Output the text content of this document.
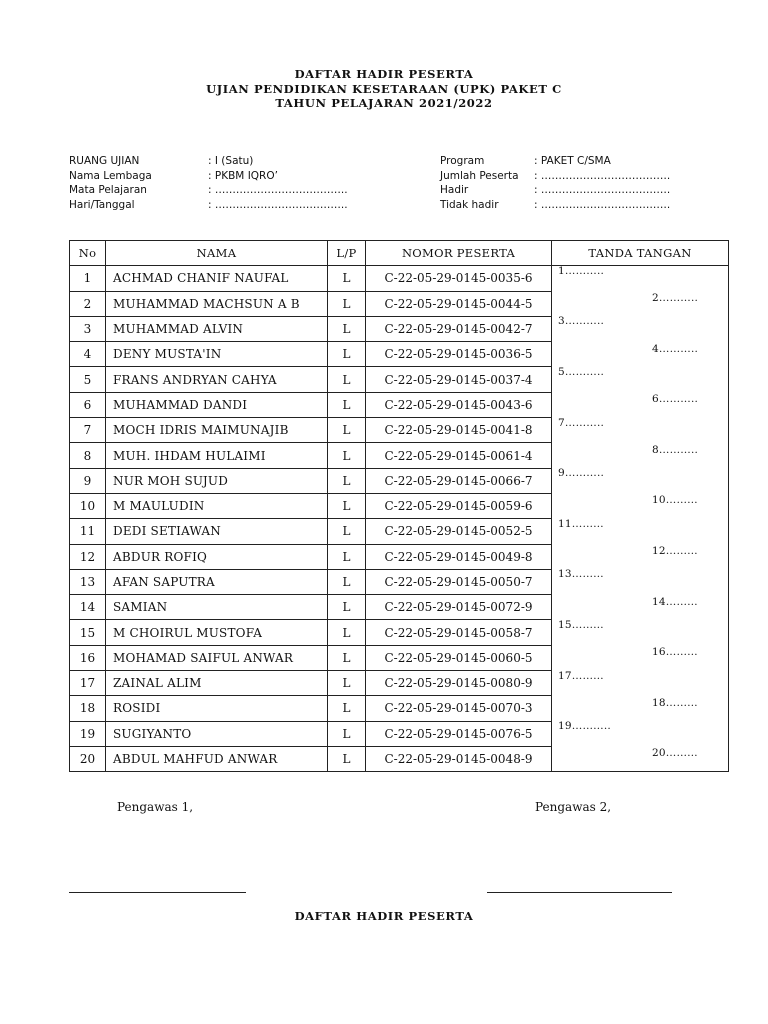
DAFTAR HADIR PESERTA
UJIAN PENDIDIKAN KESETARAAN (UPK) PAKET C
TAHUN PELAJARAN 2021/2022
RUANG UJIAN	: I (Satu)
Nama Lembaga	: PKBM IQRO’
Mata Pelajaran	: ………………………………..
Hari/Tanggal	: ………………………………..
Program	: PAKET C/SMA
Jumlah Peserta	: ……………………………….
Hadir	: ……………………………….
Tidak hadir	: ……………………………….
No	NAMA	L/P	NOMOR PESERTA	TANDA TANGAN
1	ACHMAD CHANIF NAUFAL	L	C-22-05-29-0145-0035-6	1………..

2	MUHAMMAD MACHSUN A B	L	C-22-05-29-0145-0044-5	2………..

3	MUHAMMAD ALVIN	L	C-22-05-29-0145-0042-7	3………..

4	DENY MUSTA'IN	L	C-22-05-29-0145-0036-5	4………..

5	FRANS ANDRYAN CAHYA	L	C-22-05-29-0145-0037-4	5………..

6	MUHAMMAD DANDI	L	C-22-05-29-0145-0043-6	6………..

7	MOCH IDRIS MAIMUNAJIB	L	C-22-05-29-0145-0041-8	7………..

8	MUH. IHDAM HULAIMI	L	C-22-05-29-0145-0061-4	8………..

9	NUR MOH SUJUD	L	C-22-05-29-0145-0066-7	9………..

10	M MAULUDIN	L	C-22-05-29-0145-0059-6	10………

11	DEDI SETIAWAN	L	C-22-05-29-0145-0052-5	11………

12	ABDUR ROFIQ	L	C-22-05-29-0145-0049-8	12………

13	AFAN SAPUTRA	L	C-22-05-29-0145-0050-7	13………

14	SAMIAN	L	C-22-05-29-0145-0072-9	14………

15	M CHOIRUL MUSTOFA	L	C-22-05-29-0145-0058-7	15………

16	MOHAMAD SAIFUL ANWAR	L	C-22-05-29-0145-0060-5	16………

17	ZAINAL ALIM	L	C-22-05-29-0145-0080-9	17………

18	ROSIDI	L	C-22-05-29-0145-0070-3	18………

19	SUGIYANTO	L	C-22-05-29-0145-0076-5	19………..

20	ABDUL MAHFUD ANWAR	L	C-22-05-29-0145-0048-9	20………
Pengawas 1,	Pengawas 2,
DAFTAR HADIR PESERTA
